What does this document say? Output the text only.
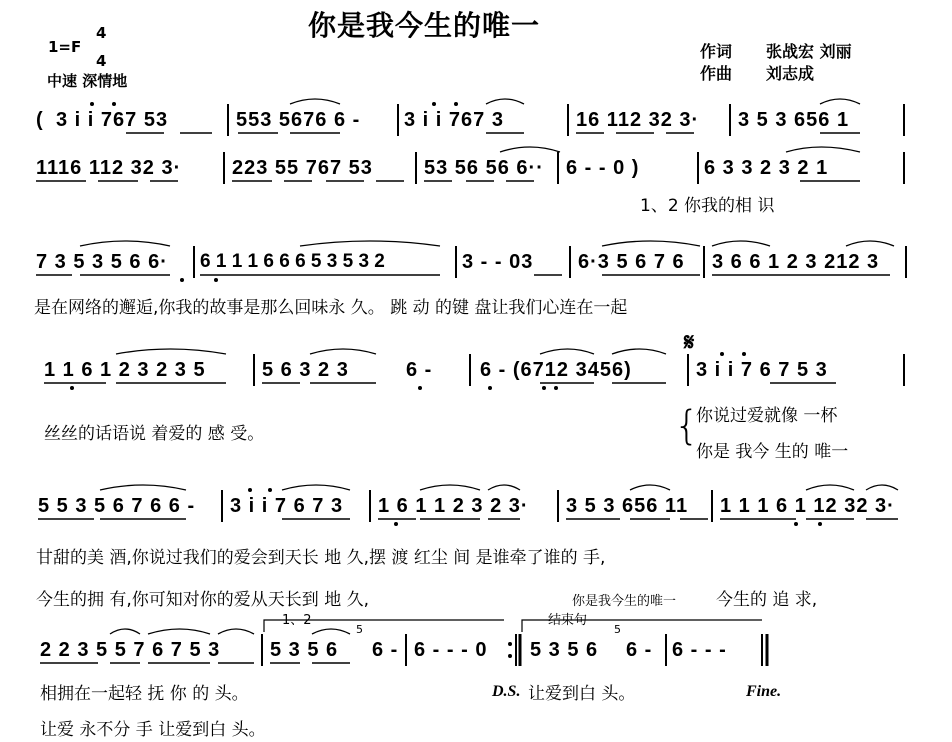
你是我今生的唯一
1=F
4
4
中速 深情地
作词 张战宏 刘丽
作曲 刘志成
( 3 i i 767 53	553 5676 6 - 3 i i 767 3	16 112 32 3· 3 5 3 656 1
1116 112 32 3·	223 55 767 53	53 56 56 6·· 6 - - 0 )	6 3 3 2 3 2 1
1、2 你我的相 识
7 3 5 3 5 6 6· 6 1 1 1 6 6 6 5 3 5 3 2	3 - - 03 6·3 5 6 7 6 3 6 6 1 2 3 212 3
是在网络的邂逅,你我的故事是那么回味永 久。 跳 动 的键 盘让我们心连在一起
1 1 6 1 2 3 2 3 5	5 6 3 2 3	6 - 6 - (6712 3456)	3 i i 7 6 7 5 3
𝄋
丝丝的话语说 着爱的 感 受。	{
你说过爱就像 一杯
你是 我今 生的 唯一
5 5 3 5 6 7 6 6 - 3 i i 7 6 7 3 1 6 1 1 2 3 2 3· 3 5 3 656 11 1 1 1 6 1 12 32 3·
甘甜的美 酒,你说过我们的爱会到天长 地 久,摆 渡 红尘 间 是谁牵了谁的 手,
今生的拥 有,你可知对你的爱从天长到 地 久,	你是我今生的唯一 今生的 追 求,
1、2	结束句
2 2 3 5 5 7 6 7 5 3 5 3 5 6 6 - 6 - - - 0 5 3 5 6 6 - 6 - - -
5	5
相拥在一起轻 抚 你 的 头。	D.S. 让爱到白 头。	Fine.
让爱 永不分 手 让爱到白 头。
